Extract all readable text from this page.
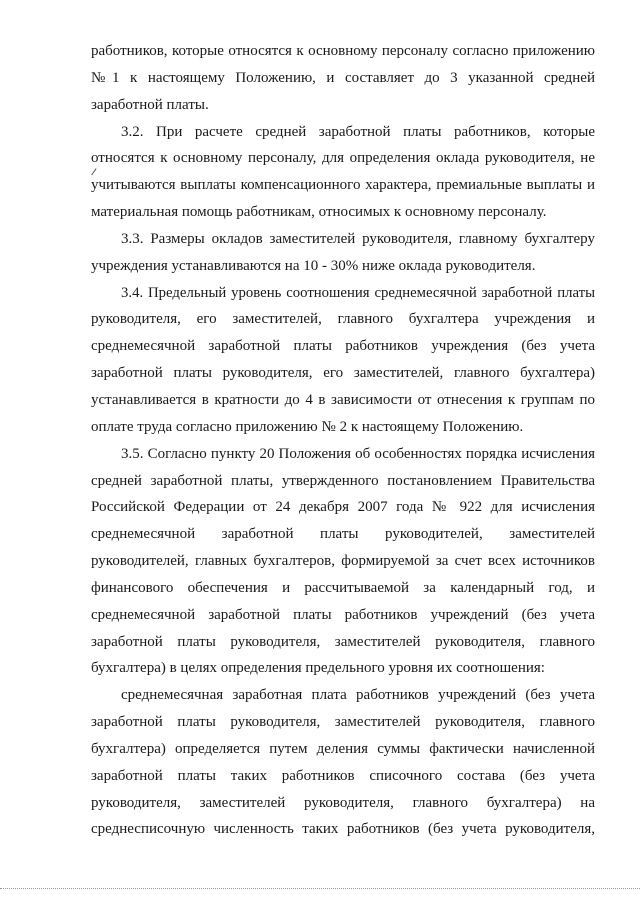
работников, которые относятся к основному персоналу согласно приложению
№1 к настоящему Положению, и составляет до 3 указанной средней
заработной платы.
3.2. При расчете средней заработной платы работников, которые
относятся к основному персоналу, для определения оклада руководителя, не
учитываются выплаты компенсационного характера, премиальные выплаты и
материальная помощь работникам, относимых к основному персоналу.
3.3. Размеры окладов заместителей руководителя, главному бухгалтеру
учреждения устанавливаются на 10 - 30% ниже оклада руководителя.
3.4. Предельный уровень соотношения среднемесячной заработной платы
руководителя, его заместителей, главного бухгалтера учреждения и
среднемесячной заработной платы работников учреждения (без учета
заработной платы руководителя, его заместителей, главного бухгалтера)
устанавливается в кратности до 4 в зависимости от отнесения к группам по
оплате труда согласно приложению № 2 к настоящему Положению.
3.5. Согласно пункту 20 Положения об особенностях порядка исчисления
средней заработной платы, утвержденного постановлением Правительства
Российской Федерации от 24 декабря 2007 года № 922 для исчисления
среднемесячной заработной платы руководителей, заместителей
руководителей, главных бухгалтеров, формируемой за счет всех источников
финансового обеспечения и рассчитываемой за календарный год, и
среднемесячной заработной платы работников учреждений (без учета
заработной платы руководителя, заместителей руководителя, главного
бухгалтера) в целях определения предельного уровня их соотношения:
среднемесячная заработная плата работников учреждений (без учета
заработной платы руководителя, заместителей руководителя, главного
бухгалтера) определяется путем деления суммы фактически начисленной
заработной платы таких работников списочного состава (без учета
руководителя, заместителей руководителя, главного бухгалтера) на
среднесписочную численность таких работников (без учета руководителя,
